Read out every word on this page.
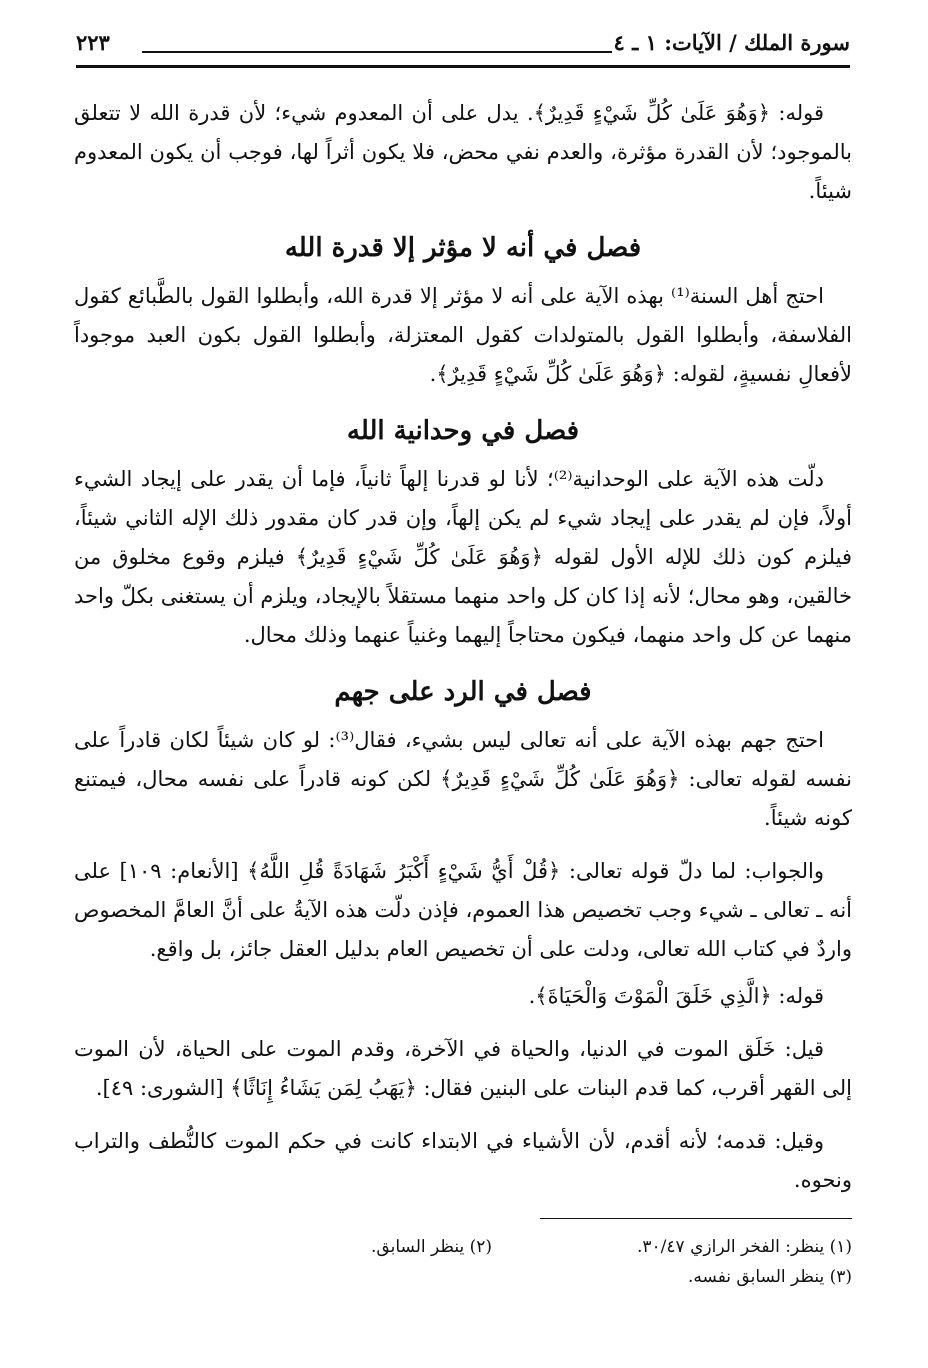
سورة الملك / الآيات: ١ ـ ٤
٢٢٣

قوله: ﴿وَهُوَ عَلَىٰ كُلِّ شَيْءٍ قَدِيرٌ﴾. يدل على أن المعدوم شيء؛ لأن قدرة الله لا تتعلق بالموجود؛ لأن القدرة مؤثرة، والعدم نفي محض، فلا يكون أثراً لها، فوجب أن يكون المعدوم شيئاً.

فصل في أنه لا مؤثر إلا قدرة الله

احتج أهل السنة⁽¹⁾ بهذه الآية على أنه لا مؤثر إلا قدرة الله، وأبطلوا القول بالطَّبائع كقول الفلاسفة، وأبطلوا القول بالمتولدات كقول المعتزلة، وأبطلوا القول بكون العبد موجوداً لأفعالِ نفسيةٍ، لقوله: ﴿وَهُوَ عَلَىٰ كُلِّ شَيْءٍ قَدِيرٌ﴾.

فصل في وحدانية الله

دلّت هذه الآية على الوحدانية⁽²⁾؛ لأنا لو قدرنا إلهاً ثانياً، فإما أن يقدر على إيجاد الشيء أولاً، فإن لم يقدر على إيجاد شيء لم يكن إلهاً، وإن قدر كان مقدور ذلك الإله الثاني شيئاً، فيلزم كون ذلك للإله الأول لقوله ﴿وَهُوَ عَلَىٰ كُلِّ شَيْءٍ قَدِيرٌ﴾ فيلزم وقوع مخلوق من خالقين، وهو محال؛ لأنه إذا كان كل واحد منهما مستقلاً بالإيجاد، ويلزم أن يستغنى بكلّ واحد منهما عن كل واحد منهما، فيكون محتاجاً إليهما وغنياً عنهما وذلك محال.

فصل في الرد على جهم

احتج جهم بهذه الآية على أنه تعالى ليس بشيء، فقال⁽³⁾: لو كان شيئاً لكان قادراً على نفسه لقوله تعالى: ﴿وَهُوَ عَلَىٰ كُلِّ شَيْءٍ قَدِيرٌ﴾ لكن كونه قادراً على نفسه محال، فيمتنع كونه شيئاً.

والجواب: لما دلّ قوله تعالى: ﴿قُلْ أَيُّ شَيْءٍ أَكْبَرُ شَهَادَةً قُلِ اللَّهُ﴾ [الأنعام: ١٠٩] على أنه ـ تعالى ـ شيء وجب تخصيص هذا العموم، فإذن دلّت هذه الآيةُ على أنَّ العامَّ المخصوص واردٌ في كتاب الله تعالى، ودلت على أن تخصيص العام بدليل العقل جائز، بل واقع.

قوله: ﴿الَّذِي خَلَقَ الْمَوْتَ وَالْحَيَاةَ﴾.

قيل: خَلَق الموت في الدنيا، والحياة في الآخرة، وقدم الموت على الحياة، لأن الموت إلى القهر أقرب، كما قدم البنات على البنين فقال: ﴿يَهَبُ لِمَن يَشَاءُ إِنَاثًا﴾ [الشورى: ٤٩].

وقيل: قدمه؛ لأنه أقدم، لأن الأشياء في الابتداء كانت في حكم الموت كالنُّطف والتراب ونحوه.

(١) ينظر: الفخر الرازي ٣٠/٤٧.
(٢) ينظر السابق.
(٣) ينظر السابق نفسه.
